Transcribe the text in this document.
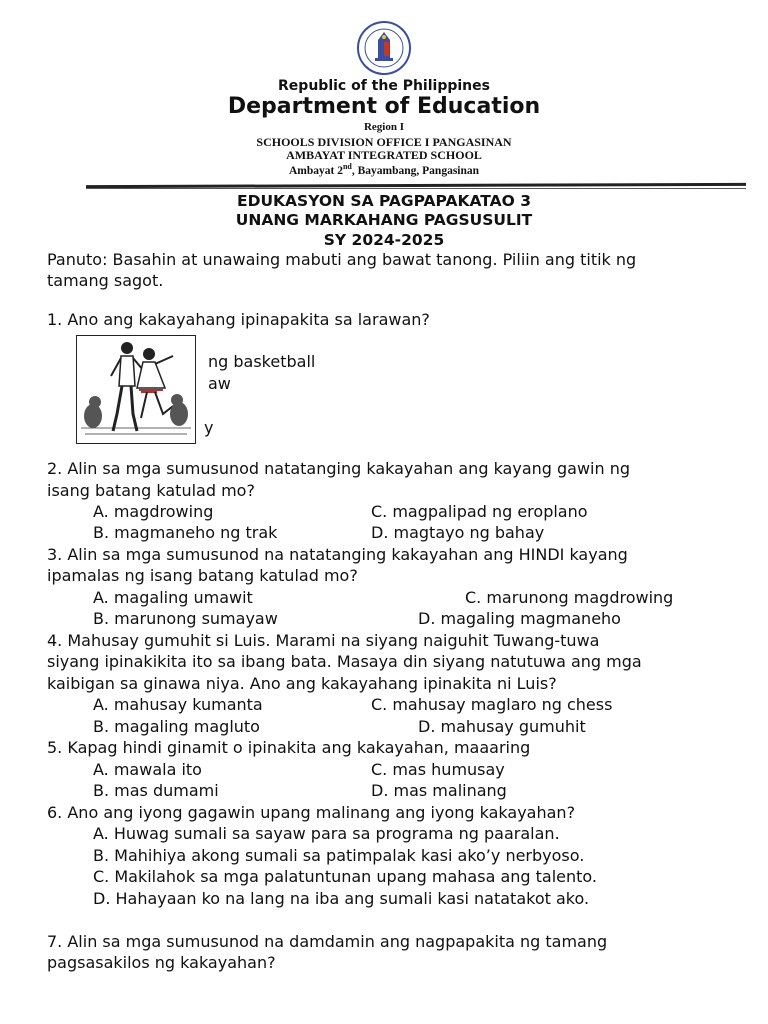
Republic of the Philippines
Department of Education
Region I
SCHOOLS DIVISION OFFICE I PANGASINAN
AMBAYAT INTEGRATED SCHOOL
Ambayat 2nd, Bayambang, Pangasinan
EDUKASYON SA PAGPAPAKATAO 3
UNANG MARKAHANG PAGSUSULIT
SY 2024-2025
Panuto: Basahin at unawaing mabuti ang bawat tanong. Piliin ang titik ng
tamang sagot.
1. Ano ang kakayahang ipinapakita sa larawan?
ng basketball
aw
y
2. Alin sa mga sumusunod natatanging kakayahan ang kayang gawin ng
isang batang katulad mo?
A. magdrowing	C. magpalipad ng eroplano
B. magmaneho ng trak	D. magtayo ng bahay
3. Alin sa mga sumusunod na natatanging kakayahan ang HINDI kayang
ipamalas ng isang batang katulad mo?
A. magaling umawit	C. marunong magdrowing
B. marunong sumayaw	D. magaling magmaneho
4. Mahusay gumuhit si Luis. Marami na siyang naiguhit Tuwang-tuwa
siyang ipinakikita ito sa ibang bata. Masaya din siyang natutuwa ang mga
kaibigan sa ginawa niya. Ano ang kakayahang ipinakita ni Luis?
A. mahusay kumanta	C. mahusay maglaro ng chess
B. magaling magluto	D. mahusay gumuhit
5. Kapag hindi ginamit o ipinakita ang kakayahan, maaaring
A. mawala ito	C. mas humusay
B. mas dumami	D. mas malinang
6. Ano ang iyong gagawin upang malinang ang iyong kakayahan?
A. Huwag sumali sa sayaw para sa programa ng paaralan.
B. Mahihiya akong sumali sa patimpalak kasi ako’y nerbyoso.
C. Makilahok sa mga palatuntunan upang mahasa ang talento.
D. Hahayaan ko na lang na iba ang sumali kasi natatakot ako.
7. Alin sa mga sumusunod na damdamin ang nagpapakita ng tamang
pagsasakilos ng kakayahan?
